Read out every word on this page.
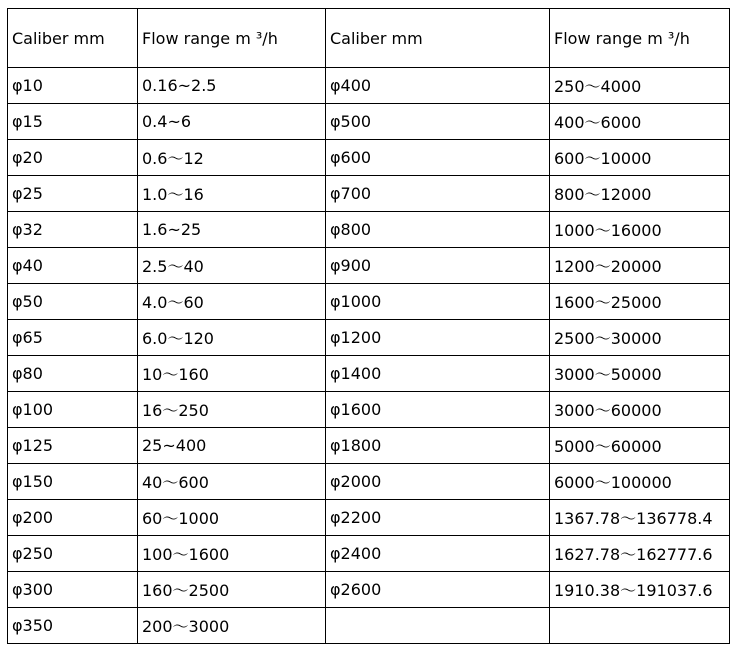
Caliber mm	Flow range m ³/h	Caliber mm	Flow range m ³/h
φ10	0.16~2.5	φ400	250～4000
φ15	0.4~6	φ500	400～6000
φ20	0.6～12	φ600	600～10000
φ25	1.0～16	φ700	800～12000
φ32	1.6~25	φ800	1000～16000
φ40	2.5～40	φ900	1200～20000
φ50	4.0～60	φ1000	1600～25000
φ65	6.0～120	φ1200	2500～30000
φ80	10～160	φ1400	3000～50000
φ100	16～250	φ1600	3000～60000
φ125	25~400	φ1800	5000～60000
φ150	40～600	φ2000	6000～100000
φ200	60～1000	φ2200	1367.78～136778.4
φ250	100～1600	φ2400	1627.78～162777.6
φ300	160～2500	φ2600	1910.38～191037.6
φ350	200～3000		
